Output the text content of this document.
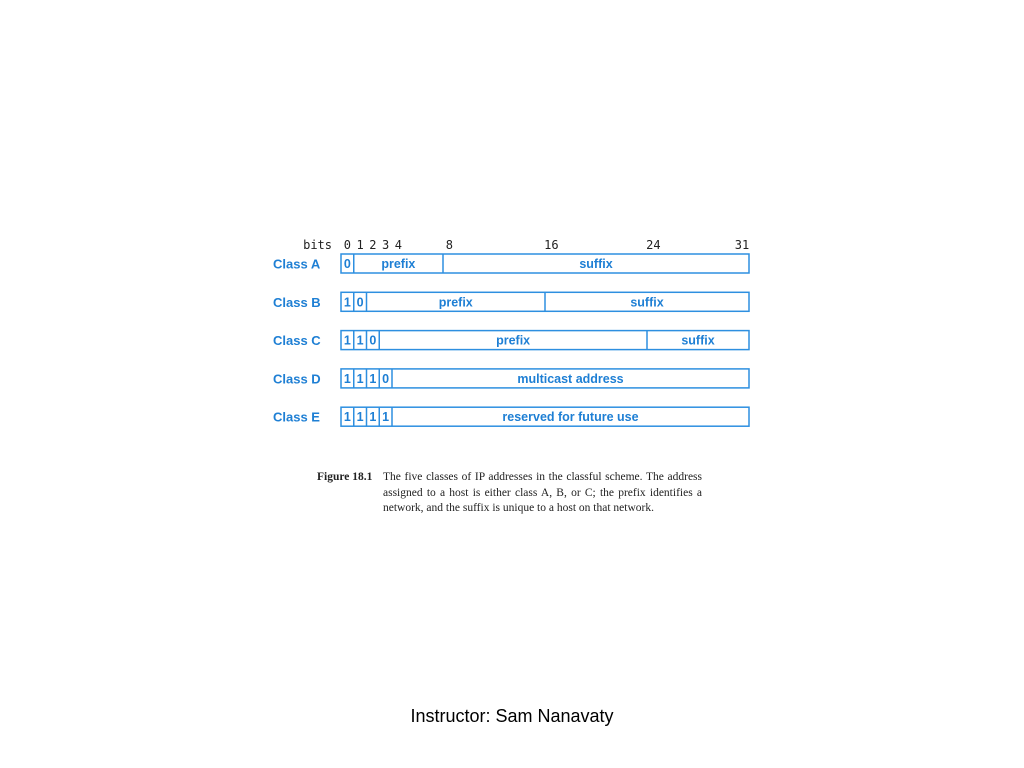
bits 0 1 2 3 4	8	16	24	31
Class A 0 prefix	suffix
Class B 1 0	prefix	suffix
Class C 1 1 0	prefix	suffix
Class D 1 1 1 0	multicast address
Class E 1 1 1 1	reserved for future use
Figure 18.1 The five classes of IP addresses in the classful scheme. The address assigned to a host is either class A, B, or C; the prefix identifies a network, and the suffix is unique to a host on that network.
Instructor: Sam Nanavaty
